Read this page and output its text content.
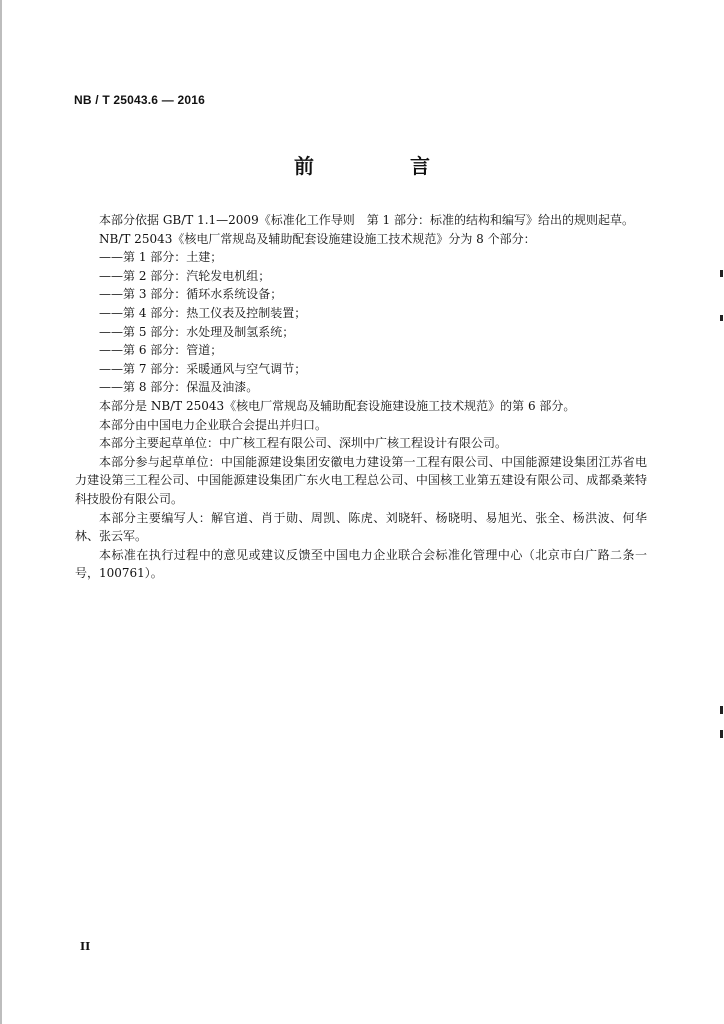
NB / T 25043.6 — 2016
前　言

本部分依据 GB/T 1.1—2009《标准化工作导则　第 1 部分：标准的结构和编写》给出的规则起草。

NB/T 25043《核电厂常规岛及辅助配套设施建设施工技术规范》分为 8 个部分：

——第 1 部分：土建；

——第 2 部分：汽轮发电机组；

——第 3 部分：循环水系统设备；

——第 4 部分：热工仪表及控制装置；

——第 5 部分：水处理及制氢系统；

——第 6 部分：管道；

——第 7 部分：采暖通风与空气调节；

——第 8 部分：保温及油漆。

本部分是 NB/T 25043《核电厂常规岛及辅助配套设施建设施工技术规范》的第 6 部分。

本部分由中国电力企业联合会提出并归口。

本部分主要起草单位：中广核工程有限公司、深圳中广核工程设计有限公司。

本部分参与起草单位：中国能源建设集团安徽电力建设第一工程有限公司、中国能源建设集团江苏省电力建设第三工程公司、中国能源建设集团广东火电工程总公司、中国核工业第五建设有限公司、成都桑莱特科技股份有限公司。

本部分主要编写人：解官道、肖于勋、周凯、陈虎、刘晓轩、杨晓明、易旭光、张全、杨洪波、何华林、张云军。

本标准在执行过程中的意见或建议反馈至中国电力企业联合会标准化管理中心（北京市白广路二条一号，100761）。

II
